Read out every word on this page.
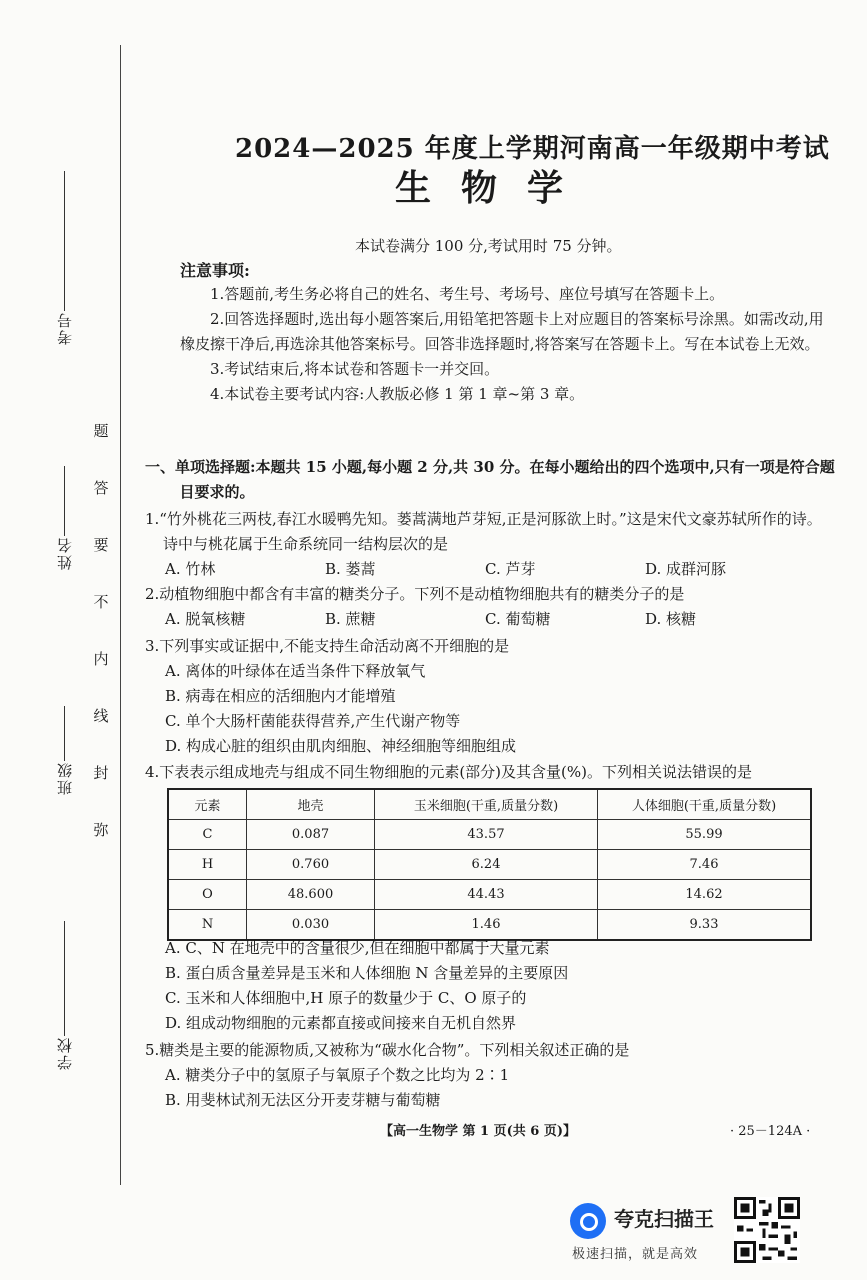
考号
姓名
班级
学校
题
答
要
不
内
线
封
弥
2024—2025 年度上学期河南高一年级期中考试
生物学
本试卷满分 100 分,考试用时 75 分钟。
注意事项:

1.答题前,考生务必将自己的姓名、考生号、考场号、座位号填写在答题卡上。

2.回答选择题时,选出每小题答案后,用铅笔把答题卡上对应题目的答案标号涂黑。如需改动,用橡皮擦干净后,再选涂其他答案标号。回答非选择题时,将答案写在答题卡上。写在本试卷上无效。

3.考试结束后,将本试卷和答题卡一并交回。

4.本试卷主要考试内容:人教版必修 1 第 1 章~第 3 章。

一、单项选择题:本题共 15 小题,每小题 2 分,共 30 分。在每小题给出的四个选项中,只有一项是符合题目要求的。
1.“竹外桃花三两枝,春江水暖鸭先知。蒌蒿满地芦芽短,正是河豚欲上时。”这是宋代文豪苏轼所作的诗。诗中与桃花属于生命系统同一结构层次的是
A. 竹林	B. 蒌蒿	C. 芦芽	D. 成群河豚
2.动植物细胞中都含有丰富的糖类分子。下列不是动植物细胞共有的糖类分子的是
A. 脱氧核糖	B. 蔗糖	C. 葡萄糖	D. 核糖
3.下列事实或证据中,不能支持生命活动离不开细胞的是
A. 离体的叶绿体在适当条件下释放氧气
B. 病毒在相应的活细胞内才能增殖
C. 单个大肠杆菌能获得营养,产生代谢产物等
D. 构成心脏的组织由肌肉细胞、神经细胞等细胞组成
4.下表表示组成地壳与组成不同生物细胞的元素(部分)及其含量(%)。下列相关说法错误的是
元素	地壳	玉米细胞(干重,质量分数)	人体细胞(干重,质量分数)
C	0.087	43.57	55.99
H	0.760	6.24	7.46
O	48.600	44.43	14.62
N	0.030	1.46	9.33
A. C、N 在地壳中的含量很少,但在细胞中都属于大量元素
B. 蛋白质含量差异是玉米和人体细胞 N 含量差异的主要原因
C. 玉米和人体细胞中,H 原子的数量少于 C、O 原子的
D. 组成动物细胞的元素都直接或间接来自无机自然界
5.糖类是主要的能源物质,又被称为“碳水化合物”。下列相关叙述正确的是
A. 糖类分子中的氢原子与氧原子个数之比均为 2∶1
B. 用斐林试剂无法区分开麦芽糖与葡萄糖
【高一生物学 第 1 页(共 6 页)】	· 25－124A ·
夸克扫描王
极速扫描，就是高效
